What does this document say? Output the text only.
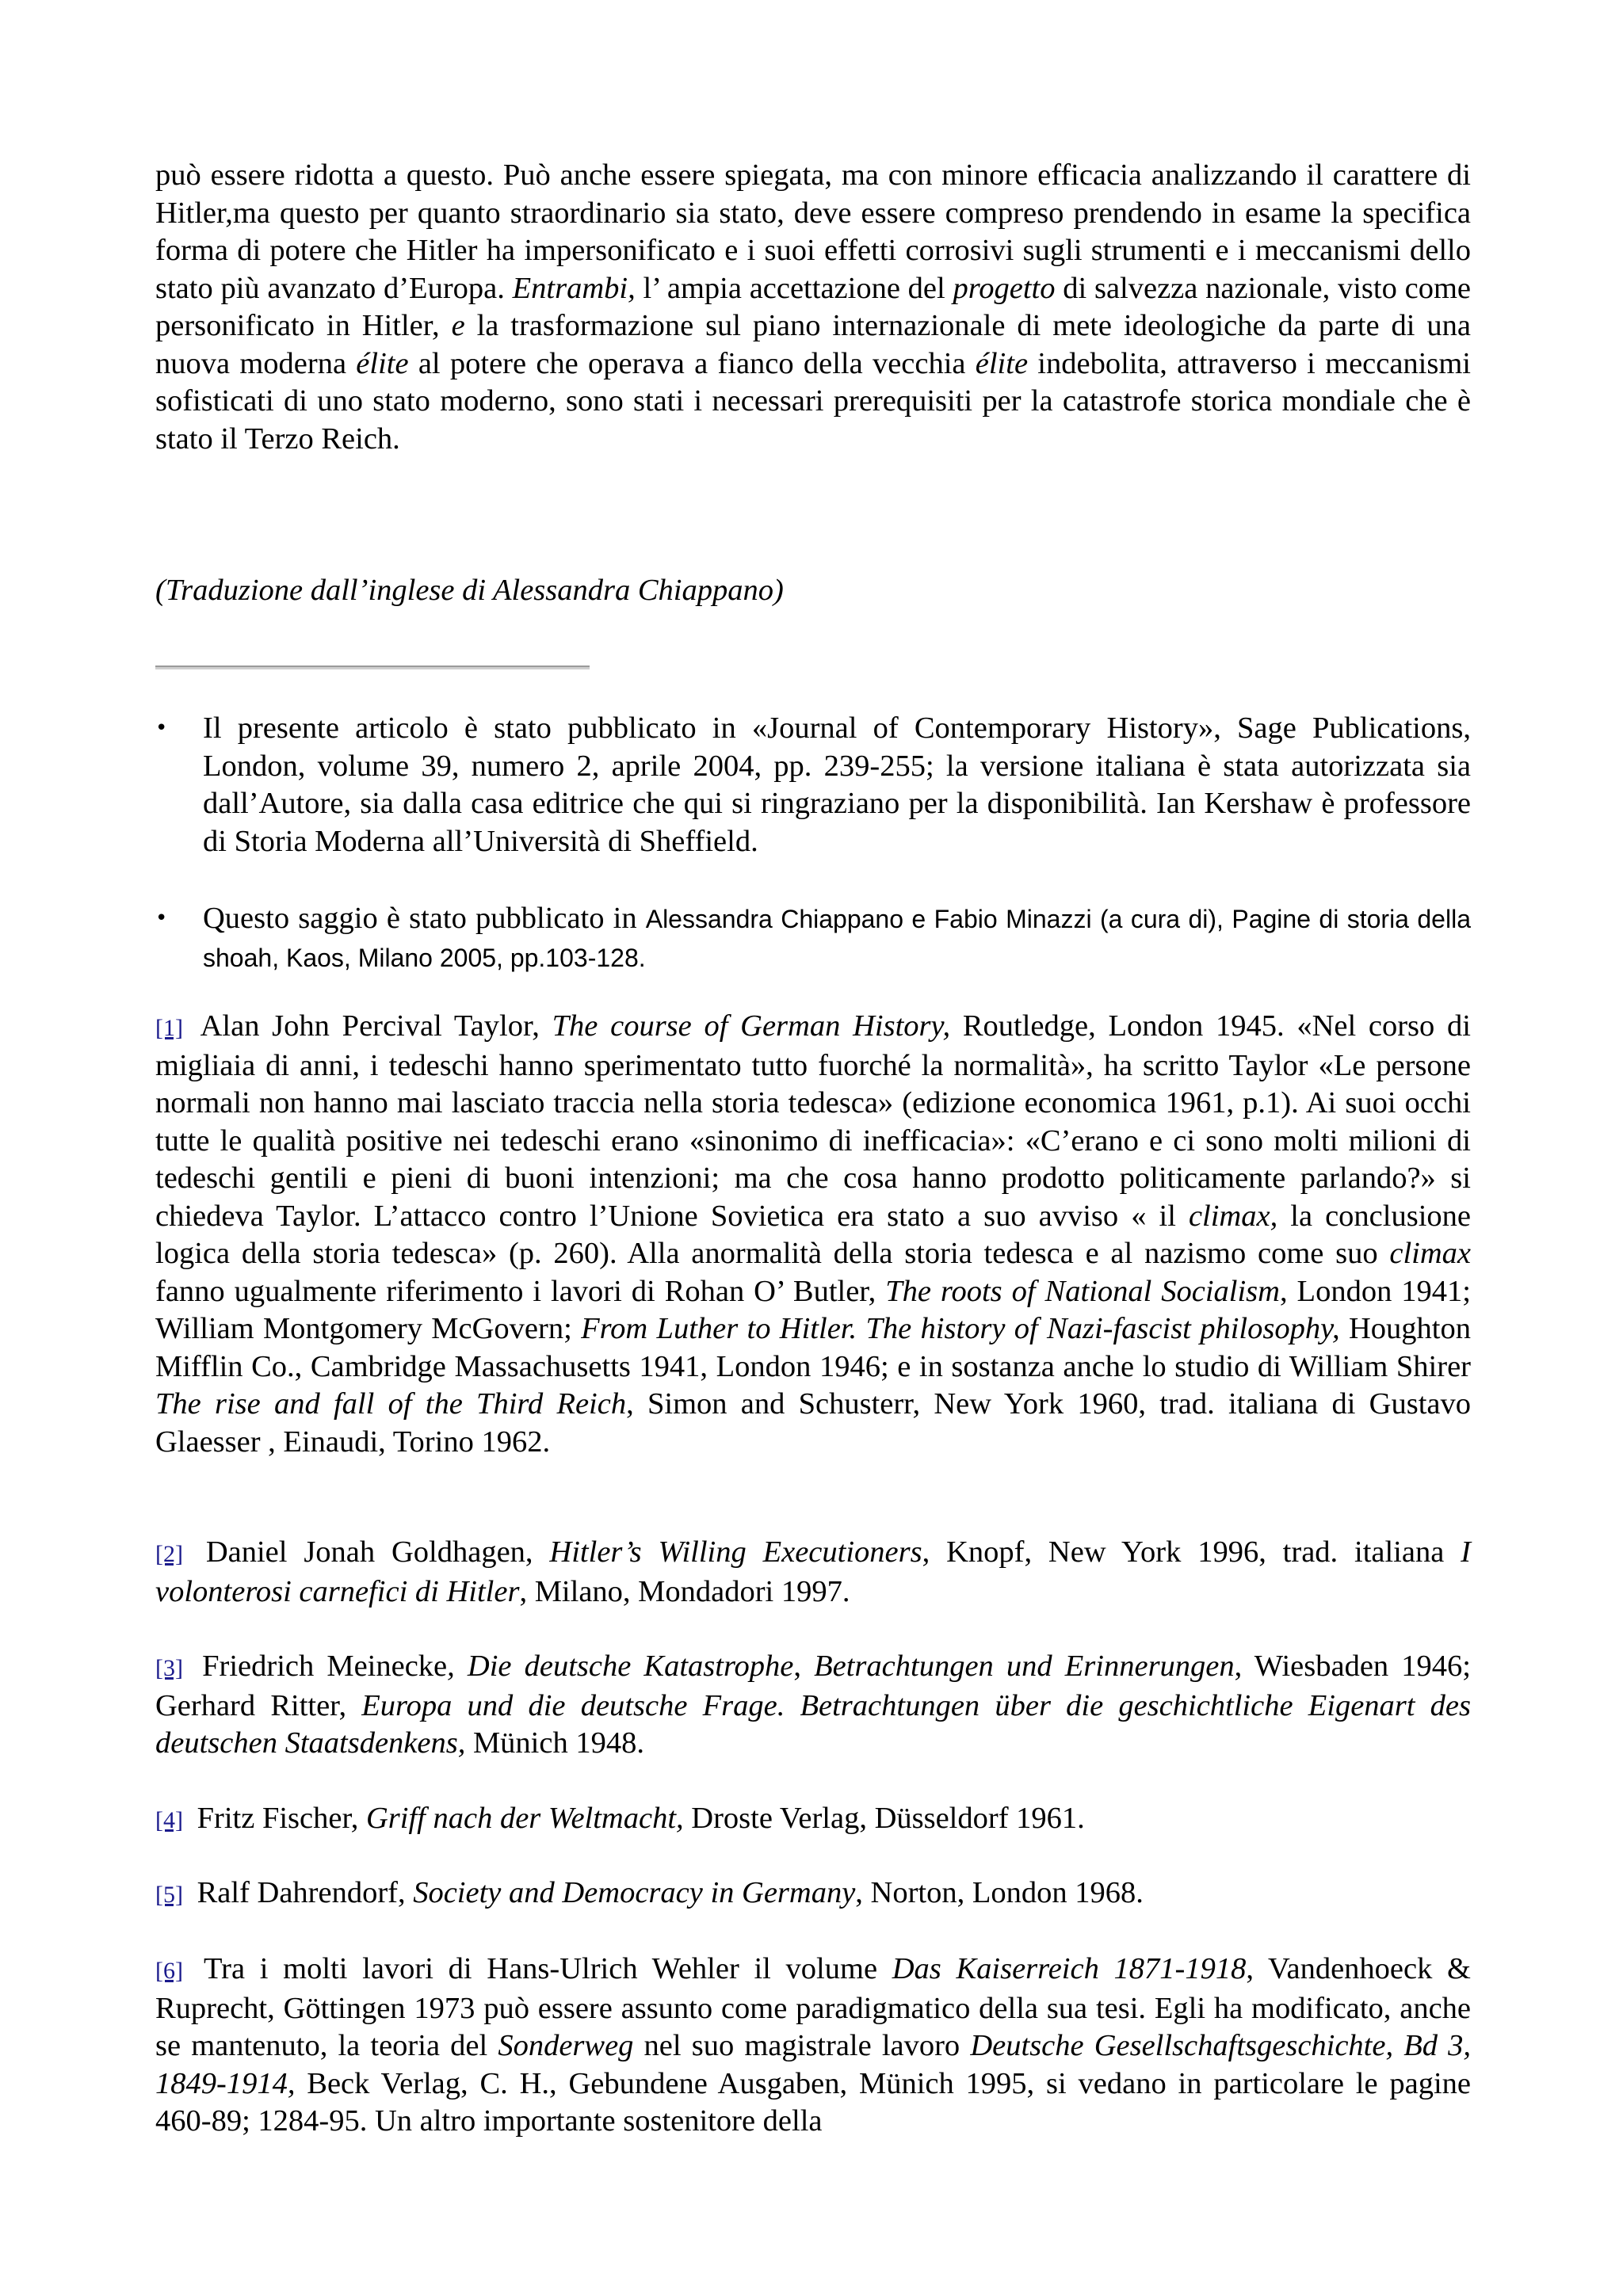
può essere ridotta a questo. Può anche essere spiegata, ma con minore efficacia analizzando il carattere di Hitler,ma questo per quanto straordinario sia stato, deve essere compreso prendendo in esame la specifica forma di potere che Hitler ha impersonificato e i suoi effetti corrosivi sugli strumenti e i meccanismi dello stato più avanzato d’Europa. Entrambi, l’ ampia accettazione del progetto di salvezza nazionale, visto come personificato in Hitler, e la trasformazione sul piano internazionale di mete ideologiche da parte di una nuova moderna élite al potere che operava a fianco della vecchia élite indebolita, attraverso i meccanismi sofisticati di uno stato moderno, sono stati i necessari prerequisiti per la catastrofe storica mondiale che è stato il Terzo Reich.

(Traduzione dall’inglese di Alessandra Chiappano)

• Il presente articolo è stato pubblicato in «Journal of Contemporary History», Sage Publications, London, volume 39, numero 2, aprile 2004, pp. 239-255; la versione italiana è stata autorizzata sia dall’Autore, sia dalla casa editrice che qui si ringraziano per la disponibilità. Ian Kershaw è professore di Storia Moderna all’Università di Sheffield.

• Questo saggio è stato pubblicato in Alessandra Chiappano e Fabio Minazzi (a cura di), Pagine di storia della shoah, Kaos, Milano 2005, pp.103-128.

[1] Alan John Percival Taylor, The course of German History, Routledge, London 1945. «Nel corso di migliaia di anni, i tedeschi hanno sperimentato tutto fuorché la normalità», ha scritto Taylor «Le persone normali non hanno mai lasciato traccia nella storia tedesca» (edizione economica 1961, p.1). Ai suoi occhi tutte le qualità positive nei tedeschi erano «sinonimo di inefficacia»: «C’erano e ci sono molti milioni di tedeschi gentili e pieni di buoni intenzioni; ma che cosa hanno prodotto politicamente parlando?» si chiedeva Taylor. L’attacco contro l’Unione Sovietica era stato a suo avviso « il climax, la conclusione logica della storia tedesca» (p. 260). Alla anormalità della storia tedesca e al nazismo come suo climax fanno ugualmente riferimento i lavori di Rohan O’ Butler, The roots of National Socialism, London 1941; William Montgomery McGovern; From Luther to Hitler. The history of Nazi-fascist philosophy, Houghton Mifflin Co., Cambridge Massachusetts 1941, London 1946; e in sostanza anche lo studio di William Shirer The rise and fall of the Third Reich, Simon and Schusterr, New York 1960, trad. italiana di Gustavo Glaesser , Einaudi, Torino 1962.

[2] Daniel Jonah Goldhagen, Hitler’s Willing Executioners, Knopf, New York 1996, trad. italiana I volonterosi carnefici di Hitler, Milano, Mondadori 1997.

[3] Friedrich Meinecke, Die deutsche Katastrophe, Betrachtungen und Erinnerungen, Wiesbaden 1946; Gerhard Ritter, Europa und die deutsche Frage. Betrachtungen über die geschichtliche Eigenart des deutschen Staatsdenkens, Münich 1948.

[4] Fritz Fischer, Griff nach der Weltmacht, Droste Verlag, Düsseldorf 1961.

[5] Ralf Dahrendorf, Society and Democracy in Germany, Norton, London 1968.

[6] Tra i molti lavori di Hans-Ulrich Wehler il volume Das Kaiserreich 1871-1918, Vandenhoeck & Ruprecht, Göttingen 1973 può essere assunto come paradigmatico della sua tesi. Egli ha modificato, anche se mantenuto, la teoria del Sonderweg nel suo magistrale lavoro Deutsche Gesellschaftsgeschichte, Bd 3, 1849-1914, Beck Verlag, C. H., Gebundene Ausgaben, Münich 1995, si vedano in particolare le pagine 460-89; 1284-95. Un altro importante sostenitore della
